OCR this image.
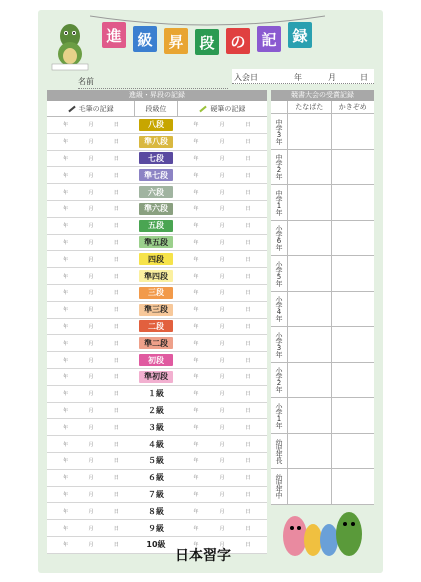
進	級	昇	段	の	記	録
名前	入会日	年	月	日
進級・昇段の記録
毛筆の記録	段級位	硬筆の記録
年	月	日	八段	年	月	日
年	月	日	準八段	年	月	日
年	月	日	七段	年	月	日
年	月	日	準七段	年	月	日
年	月	日	六段	年	月	日
年	月	日	準六段	年	月	日
年	月	日	五段	年	月	日
年	月	日	準五段	年	月	日
年	月	日	四段	年	月	日
年	月	日	準四段	年	月	日
年	月	日	三段	年	月	日
年	月	日	準三段	年	月	日
年	月	日	二段	年	月	日
年	月	日	準二段	年	月	日
年	月	日	初段	年	月	日
年	月	日	準初段	年	月	日
年	月	日	１級	年	月	日
年	月	日	２級	年	月	日
年	月	日	３級	年	月	日
年	月	日	４級	年	月	日
年	月	日	５級	年	月	日
年	月	日	６級	年	月	日
年	月	日	７級	年	月	日
年	月	日	８級	年	月	日
年	月	日	９級	年	月	日
年	月	日	10級	年	月	日
競書大会の受賞記録
たなばた	かきぞめ
中学3年
中学2年
中学1年
小学6年
小学5年
小学4年
小学3年
小学2年
小学1年
幼児年長
幼児年中
日本習字
